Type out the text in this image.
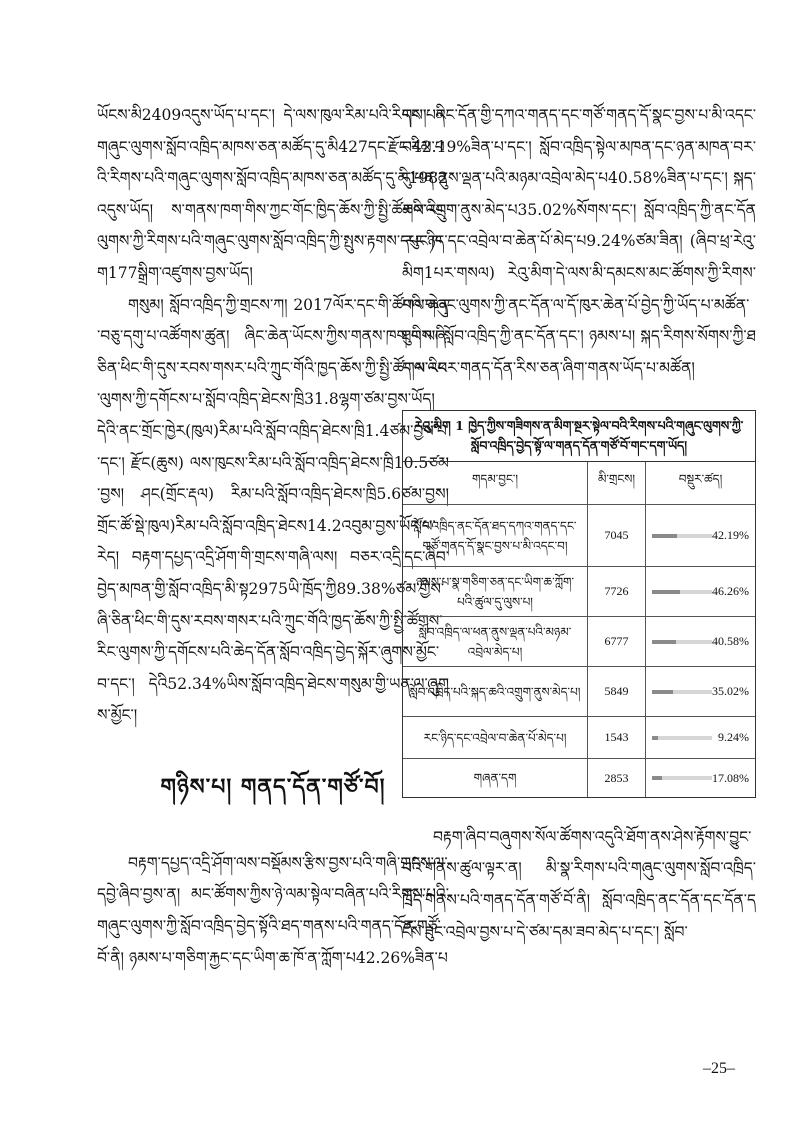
ཡོངས་མི2409འདུས་ཡོད་པ་དང་། དེ་ལས་ཁུལ་རིམ་པའི་རིགས་པའི་གཞུང་ལུགས་སློབ་འཁྲིད་མཁས་ཅན་མཚོད་དུ་མི427དང་རྫོང་རིམ་པའི་རིགས་པའི་གཞུང་ལུགས་སློབ་འཁྲིད་མཁས་ཅན་མཚོད་དུ་མི1982འདུས་ཡོད། ས་གནས་ཁག་གིས་ཀྱང་གོང་ཁྱིད་ཆོས་ཀྱི་སྤྱི་ཚོགས་རིང་ལུགས་ཀྱི་རིགས་པའི་གཞུང་ལུགས་སློབ་འཁྲིད་ཀྱི་སྤུས་རྟགས་དཔུང་ཁག177སྒྲིག་འཛུགས་བྱས་ཡོད།

གསུམ། སློབ་འཁྲིད་ཀྱི་གྲངས་ཀ། 2017ལོར་དང་གི་ཚོགས་ཆེན་བཅུ་དགུ་པ་འཚོགས་ཚུན། ཞིང་ཆེན་ཡོངས་ཀྱིས་གནས་ཁག་གིས་ཞི་ཅིན་ཕིང་གི་དུས་རབས་གསར་པའི་ཀྲུང་གོའི་ཁྱད་ཆོས་ཀྱི་སྤྱི་ཚོགས་རིང་ལུགས་ཀྱི་དགོངས་པ་སློབ་འཁྲིད་ཐེངས་ཁྲི31.8ལྷག་ཙམ་བྱས་ཡོད། དེའི་ནང་གྲོང་ཁྱེར(ཁུལ)རིམ་པའི་སློབ་འཁྲིད་ཐེངས་ཁྲི1.4ཙམ་བྱས་པ་དང་། རྫོང(ཆུས) ལས་ཁུངས་རིམ་པའི་སློབ་འཁྲིད་ཐེངས་ཁྲི10.5ཙམ་བྱས། ཤང(གྲོང་རྡལ) རིམ་པའི་སློབ་འཁྲིད་ཐེངས་ཁྲི5.6ཙམ་བྱས། གྲོང་ཚོ་སྡེ་ཁུལ)རིམ་པའི་སློབ་འཁྲིད་ཐེངས14.2འབུམ་བྱས་ཡོད་པ་རེད། བརྟག་དཔྱད་འདྲི་ཤོག་གི་གྲངས་གཞི་ལས། བཅར་འདྲི་དང་ཞིབ་བྱེད་མཁན་གྱི་སློབ་འཁྲིད་མི་སྟ2975ཡི་ཁྲོད་ཀྱི89.38%ཙམ་གྱིས་ཞི་ཅིན་ཕིང་གི་དུས་རབས་གསར་པའི་ཀྲུང་གོའི་ཁྱད་ཆོས་ཀྱི་སྤྱི་ཚོགས་རིང་ལུགས་ཀྱི་དགོངས་པའི་ཆེད་དོན་སློབ་འཁྲིད་བྱེད་སྐོར་ཞུགས་མྱོང་བ་དང་། དེའི52.34%ཡིས་སློབ་འཁྲིད་ཐེངས་གསུམ་གྱི་ཡན་ལ་ཞུགས་མྱོང་།

གཉིས་པ། གནད་དོན་གཙོ་བོ།

བརྟག་དཔྱད་འདྲི་ཤོག་ལས་བསྡོམས་རྩིས་བྱས་པའི་གཞི་གྲངས་ལ་དབྱེ་ཞིབ་བྱས་ན། མང་ཚོགས་ཀྱིས་ཉེ་ལམ་སྟེལ་བཞིན་པའི་རིགས་པའི་གཞུང་ལུགས་ཀྱི་སློབ་འཁྲིད་བྱེད་སྟོའི་ཐད་གནས་པའི་གནད་དོན་གཙོ་བོ་ནི། ཉམས་པ་གཅིག་རྐྱང་དང་ཡིག་ཆ་ཁོ་ན་ཀློག་པ42.26%ཟིན་པ

དང་། ནང་དོན་གྱི་དཀའ་གནད་དང་གཙོ་གནད་དོ་སྣང་བྱས་པ་མི་འདང་བ42.19%ཟིན་པ་དང་། སློབ་འཁྲིད་སྟེལ་མཁན་དང་ཉན་མཁན་བར་དུ་ཕན་ནུས་ལྡན་པའི་མཉམ་འབྲེལ་མེད་པ40.58%ཟིན་པ་དང་། སྐད་ཆའི་འགྲུག་ནུས་མེད་པ35.02%སོགས་དང་། སློབ་འཁྲིད་ཀྱི་ནང་དོན་རང་ཉིད་དང་འབྲེལ་བ་ཆེན་པོ་མེད་པ9.24%ཙམ་ཟིན། (ཞིབ་ཕྲ་རེའུ་མིག1པར་གསལ) རེའུ་མིག་དེ་ལས་མི་དམངས་མང་ཚོགས་ཀྱི་རིགས་པའི་གཞུང་ལུགས་ཀྱི་ནང་དོན་ལ་དོ་ཁུར་ཆེན་པོ་བྱེད་ཀྱི་ཡོད་པ་མཚོན་ཐུབ་ལ། སློབ་འཁྲིད་ཀྱི་ནང་དོན་དང་། ཉམས་པ། སྐད་རིགས་སོགས་ཀྱི་ཐད་ལ་འཕར་གནད་དོན་རིས་ཅན་ཞིག་གནས་ཡོད་པ་མཚོན།

རེའུ་མིག 1 ཁྱེད་ཀྱིས་གཟིགས་ན་མིག་སྔར་སྟེལ་བའི་རིགས་པའི་གཞུང་ལུགས་ཀྱི་སློབ་འཁྲིད་བྱེད་སྟོ་ལ་གནད་དོན་གཙོ་བོ་གང་དག་ཡོད།
གདམ་བྱང་།	མི་གྲངས།	བསྡུར་ཚད།
སློབ་འཁྲིད་ནང་དོན་ཐད་དཀའ་གནད་དང་གཙོ་གནད་དོ་སྣང་བྱས་པ་མི་འདང་བ།	7045	42.19%

ཉམས་པ་སྣ་གཅིག་ཅན་དང་ཡིག་ཆ་ཀློག་པའི་ཚུལ་དུ་ལུས་པ།	7726	46.26%

སློབ་འཁྲིད་ལ་ཕན་ནུས་ལྡན་པའི་མཉམ་འབྲེལ་མེད་པ།	6777	40.58%

སློབ་འཁྲིད་པའི་སྐད་ཆའི་འགྲུག་ནུས་མེད་པ།	5849	35.02%

རང་ཉིད་དང་འབྲེལ་བ་ཆེན་པོ་མེད་པ།	1543	9.24%

གཞན་དག	2853	17.08%

བརྟག་ཞིབ་བཞུགས་སོལ་ཚོགས་འདུའི་ཐོག་ནས་ཤེས་རྟོགས་བྱུང་བའི་གནས་ཚུལ་ལྟར་ན། མི་སྣ་རིགས་པའི་གཞུང་ལུགས་སློབ་འཁྲིད་ཁྲོད་གནས་པའི་གནད་དོན་གཙོ་བོ་ནི། སློབ་འཁྲིད་ནང་དོན་དང་དོན་དངོས་ཟུང་འབྲེལ་བྱས་པ་དེ་ཙམ་དམ་ཟབ་མེད་པ་དང་། སློབ་

–25–
